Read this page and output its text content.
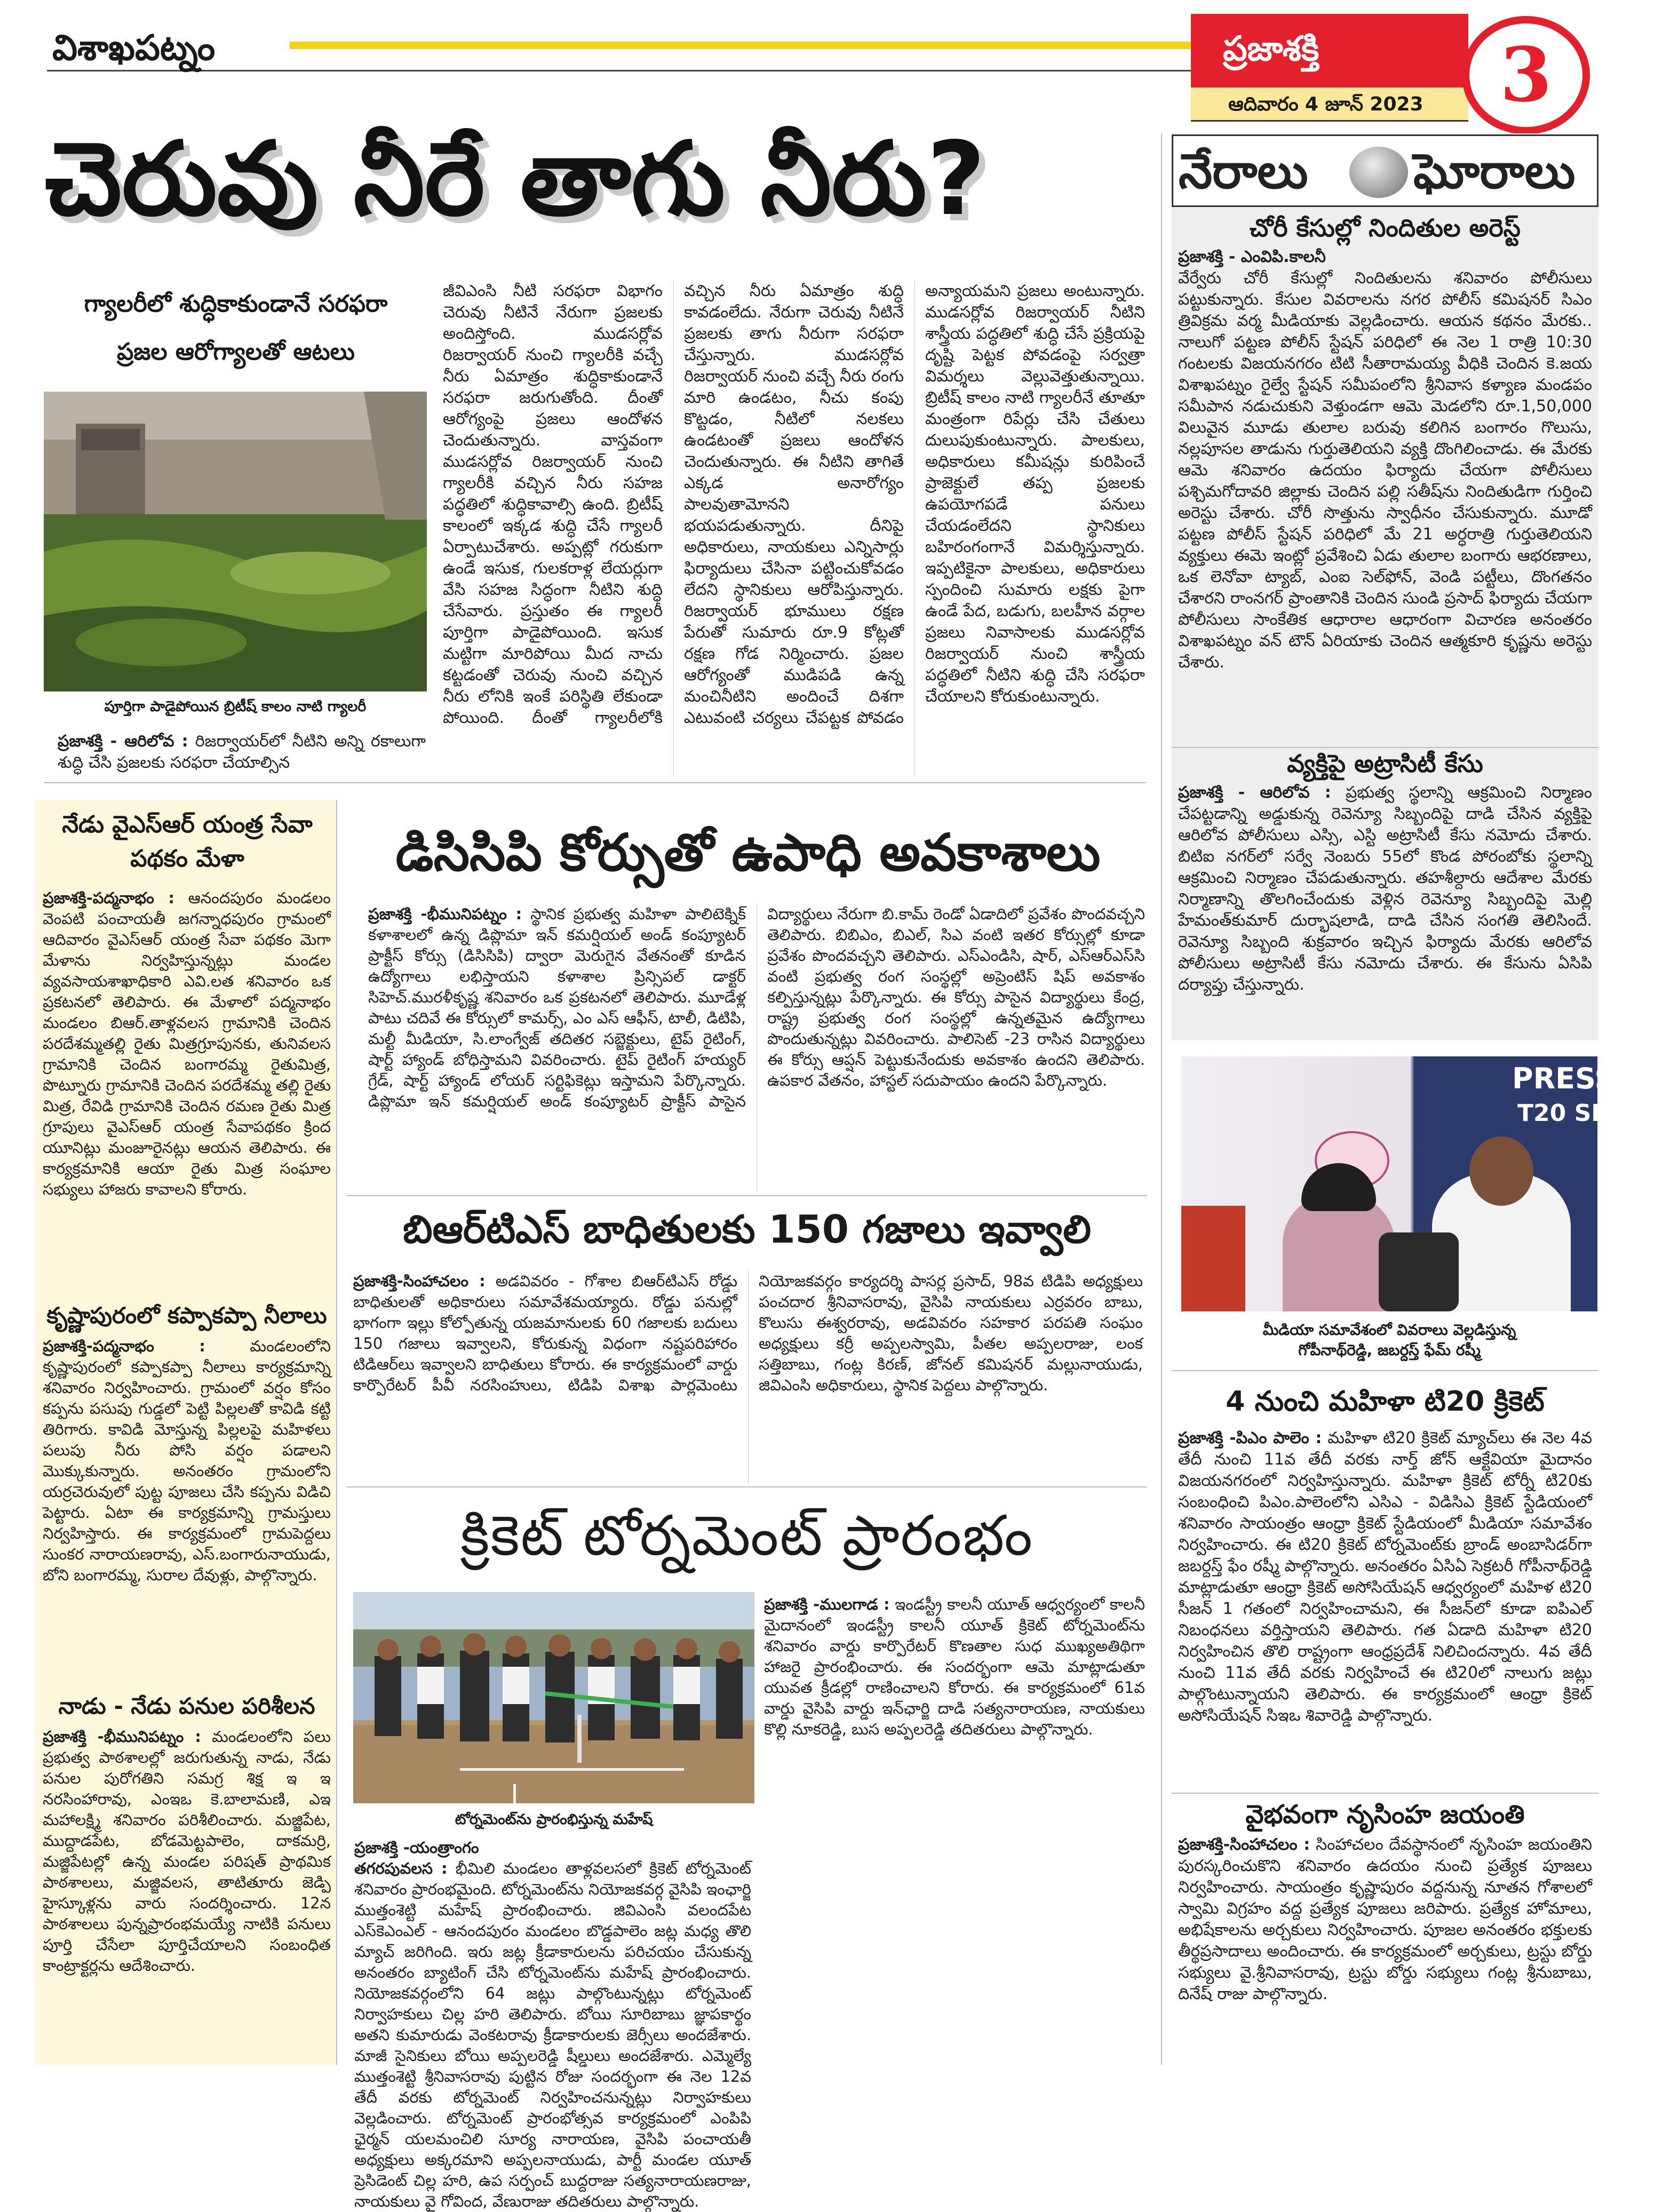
విశాఖపట్నం	ప్రజాశక్తి
ఆదివారం 4 జూన్ 2023	3
చెరువు నీరే తాగు నీరు?
గ్యాలరీలో శుద్ధికాకుండానే సరఫరా
ప్రజల ఆరోగ్యాలతో ఆటలు
పూర్తిగా పాడైపోయిన బ్రిటీష్ కాలం నాటి గ్యాలరీ

ప్రజాశక్తి - ఆరిలోవ : రిజర్వాయర్‌లో నీటిని అన్ని రకాలుగా శుద్ధి చేసి ప్రజలకు సరఫరా చేయాల్సిన

జీవిఎంసి నీటి సరఫరా విభాగం చెరువు నీటినే నేరుగా ప్రజలకు అందిస్తోంది. ముడసర్లోవ రిజర్వాయర్ నుంచి గ్యాలరీకి వచ్చే నీరు ఏమాత్రం శుద్ధికాకుండానే సరఫరా జరుగుతోంది. దీంతో ఆరోగ్యంపై ప్రజలు ఆందోళన చెందుతున్నారు. వాస్తవంగా ముడసర్లోవ రిజర్వాయర్ నుంచి గ్యాలరీకి వచ్చిన నీరు సహజ పద్ధతిలో శుద్ధికావాల్సి ఉంది. బ్రిటీష్ కాలంలో ఇక్కడ శుద్ధి చేసే గ్యాలరీ ఏర్పాటుచేశారు. అప్పట్లో గరుకుగా ఉండే ఇసుక, గులకరాళ్ల లేయర్లుగా వేసి సహజ సిద్ధంగా నీటిని శుద్ధి చేసేవారు. ప్రస్తుతం ఈ గ్యాలరీ పూర్తిగా పాడైపోయింది. ఇసుక మట్టిగా మారిపోయి మీద నాచు కట్టడంతో చెరువు నుంచి వచ్చిన నీరు లోనికి ఇంకే పరిస్థితి లేకుండా పోయింది. దీంతో గ్యాలరీలోకి వచ్చిన నీరు ఏమాత్రం శుద్ధి కావడంలేదు. నేరుగా చెరువు నీటినే ప్రజలకు తాగు నీరుగా సరఫరా చేస్తున్నారు. ముడసర్లోవ రిజర్వాయర్ నుంచి వచ్చే నీరు రంగు మారి ఉండటం, నీచు కంపు కొట్టడం, నీటిలో నలకలు ఉండటంతో ప్రజలు ఆందోళన చెందుతున్నారు. ఈ నీటిని తాగితే ఎక్కడ అనారోగ్యం పాలవుతామోనని భయపడుతున్నారు. దీనిపై అధికారులు, నాయకులు ఎన్నిసార్లు ఫిర్యాదులు చేసినా పట్టించుకోవడం లేదని స్థానికులు ఆరోపిస్తున్నారు. రిజర్వాయర్ భూములు రక్షణ పేరుతో సుమారు రూ.9 కోట్లతో రక్షణ గోడ నిర్మించారు. ప్రజల ఆరోగ్యంతో ముడిపడి ఉన్న మంచినీటిని అందించే దిశగా ఎటువంటి చర్యలు చేపట్టక పోవడం అన్యాయమని ప్రజలు అంటున్నారు. ముడసర్లోవ రిజర్వాయర్ నీటిని శాస్త్రీయ పద్ధతిలో శుద్ధి చేసే ప్రక్రియపై దృష్టి పెట్టక పోవడంపై సర్వత్రా విమర్శలు వెల్లువెత్తుతున్నాయి. బ్రిటీష్ కాలం నాటి గ్యాలరీనే తూతూ మంత్రంగా రిపేర్లు చేసి చేతులు దులుపుకుంటున్నారు. పాలకులు, అధికారులు కమీషన్లు కురిపించే ప్రాజెక్టులే తప్ప ప్రజలకు ఉపయోగపడే పనులు చేయడంలేదని స్థానికులు బహిరంగంగానే విమర్శిస్తున్నారు. ఇప్పటికైనా పాలకులు, అధికారులు స్పందించి సుమారు లక్షకు పైగా ఉండే పేద, బడుగు, బలహీన వర్గాల ప్రజలు నివాసాలకు ముడసర్లోవ రిజర్వాయర్ నుంచి శాస్త్రీయ పద్ధతిలో నీటిని శుద్ధి చేసి సరఫరా చేయాలని కోరుకుంటున్నారు.

నేరాలు ఘోరాలు
చోరీ కేసుల్లో నిందితుల అరెస్ట్

ప్రజాశక్తి - ఎంవిపి.కాలనీ

వేర్వేరు చోరీ కేసుల్లో నిందితులను శనివారం పోలీసులు పట్టుకున్నారు. కేసుల వివరాలను నగర పోలీస్ కమిషనర్ సిఎం త్రివిక్రమ వర్మ మీడియాకు వెల్లడించారు. ఆయన కథనం మేరకు.. నాలుగో పట్టణ పోలీస్ స్టేషన్ పరిధిలో ఈ నెల 1 రాత్రి 10:30 గంటలకు విజయనగరం టిటి సీతారామయ్య వీధికి చెందిన కె.జయ విశాఖపట్నం రైల్వే స్టేషన్ సమీపంలోని శ్రీనివాస కళ్యాణ మండపం సమీపాన నడుచుకుని వెళ్తుండగా ఆమె మెడలోని రూ.1,50,000 విలువైన మూడు తులాల బరువు కలిగిన బంగారం గొలుసు, నల్లపూసల తాడును గుర్తుతెలియని వ్యక్తి దొంగిలించాడు. ఈ మేరకు ఆమె శనివారం ఉదయం ఫిర్యాదు చేయగా పోలీసులు పశ్చిమగోదావరి జిల్లాకు చెందిన పల్లి సతీష్‌ను నిందితుడిగా గుర్తించి అరెస్టు చేశారు. చోరీ సొత్తును స్వాధీనం చేసుకున్నారు. మూడో పట్టణ పోలీస్ స్టేషన్ పరిధిలో మే 21 అర్ధరాత్రి గుర్తుతెలియని వ్యక్తులు ఈమె ఇంట్లో ప్రవేశించి ఏడు తులాల బంగారు ఆభరణాలు, ఒక లెనోవా ట్యాబ్, ఎంఐ సెల్‌ఫోన్, వెండి పట్టీలు, దొంగతనం చేశారని రాంనగర్ ప్రాంతానికి చెందిన సుండి ప్రసాద్ ఫిర్యాదు చేయగా పోలీసులు సాంకేతిక ఆధారాల ఆధారంగా విచారణ అనంతరం విశాఖపట్నం వన్ టౌన్ ఏరియాకు చెందిన ఆత్మకూరి కృష్ణను అరెస్టు చేశారు.

వ్యక్తిపై అట్రాసిటీ కేసు

ప్రజాశక్తి - ఆరిలోవ : ప్రభుత్వ స్థలాన్ని ఆక్రమించి నిర్మాణం చేపట్టడాన్ని అడ్డుకున్న రెవెన్యూ సిబ్బందిపై దాడి చేసిన వ్యక్తిపై ఆరిలోవ పోలీసులు ఎస్సి, ఎస్టి అట్రాసిటీ కేసు నమోదు చేశారు. బిటిఐ నగర్‌లో సర్వే నెంబరు 55లో కొండ పోరంబోకు స్థలాన్ని ఆక్రమించి నిర్మాణం చేపడుతున్నారు. తహశీల్దారు ఆదేశాల మేరకు నిర్మాణాన్ని తొలగించేందుకు వెళ్లిన రెవెన్యూ సిబ్బందిపై మెల్లి హేమంత్‌కుమార్ దుర్భాషలాడి, దాడి చేసిన సంగతి తెలిసిందే. రెవెన్యూ సిబ్బంది శుక్రవారం ఇచ్చిన ఫిర్యాదు మేరకు ఆరిలోవ పోలీసులు అట్రాసిటీ కేసు నమోదు చేశారు. ఈ కేసును ఏసిపి దర్యాప్తు చేస్తున్నారు.

PRESS M
T20 SE
మీడియా సమావేశంలో వివరాలు వెల్లడిస్తున్న
గోపీనాథ్‌రెడ్డి, జబర్దస్త్ ఫేమ్ రష్మీ
4 నుంచి మహిళా టి20 క్రికెట్

ప్రజాశక్తి -పిఎం పాలెం : మహిళా టి20 క్రికెట్ మ్యాచ్‌లు ఈ నెల 4వ తేదీ నుంచి 11వ తేదీ వరకు నార్త్ జోన్ ఆక్టేవియా మైదానం విజయనగరంలో నిర్వహిస్తున్నారు. మహిళా క్రికెట్ టోర్నీ టి20కు సంబంధించి పిఎం.పాలెంలోని ఎసిఎ - విడిసిఎ క్రికెట్ స్టేడియంలో శనివారం సాయంత్రం ఆంధ్రా క్రికెట్ స్టేడియంలో మీడియా సమావేశం నిర్వహించారు. ఈ టి20 క్రికెట్ టోర్నమెంట్‌కు బ్రాండ్ అంబాసిడర్‌గా జబర్దస్త్ ఫేం రష్మీ పాల్గొన్నారు. అనంతరం ఏసిఏ సెక్రటరీ గోపీనాథ్‌రెడ్డి మాట్లాడుతూ ఆంధ్రా క్రికెట్ అసోసియేషన్ ఆధ్వర్యంలో మహిళ టి20 సీజన్ 1 గతంలో నిర్వహించామని, ఈ సీజన్‌లో కూడా ఐపిఎల్ నిబంధనలు వర్తిస్తాయని తెలిపారు. గత ఏడాది మహిళా టి20 నిర్వహించిన తొలి రాష్ట్రంగా ఆంధ్రప్రదేశ్ నిలిచిందన్నారు. 4వ తేదీ నుంచి 11వ తేదీ వరకు నిర్వహించే ఈ టి20లో నాలుగు జట్లు పాల్గొంటున్నాయని తెలిపారు. ఈ కార్యక్రమంలో ఆంధ్రా క్రికెట్ అసోసియేషన్ సిఇఒ శివారెడ్డి పాల్గొన్నారు.

వైభవంగా నృసింహ జయంతి

ప్రజాశక్తి-సింహాచలం : సింహాచలం దేవస్థానంలో నృసింహ జయంతిని పురస్కరించుకొని శనివారం ఉదయం నుంచి ప్రత్యేక పూజలు నిర్వహించారు. సాయంత్రం కృష్ణాపురం వద్దనున్న నూతన గోశాలలో స్వామి విగ్రహం వద్ద ప్రత్యేక పూజలు జరిపారు. ప్రత్యేక హోమాలు, అభిషేకాలను అర్చకులు నిర్వహించారు. పూజల అనంతరం భక్తులకు తీర్థప్రసాదాలు అందించారు. ఈ కార్యక్రమంలో అర్చకులు, ట్రస్టు బోర్డు సభ్యులు వై.శ్రీనివాసరావు, ట్రస్టు బోర్డు సభ్యులు గంట్ల శ్రీనుబాబు, దినేష్ రాజు పాల్గొన్నారు.

నేడు వైఎస్ఆర్ యంత్ర సేవా పథకం మేళా

ప్రజాశక్తి-పద్మనాభం : ఆనందపురం మండలం వెంపటి పంచాయతీ జగన్నాధపురం గ్రామంలో ఆదివారం వైఎస్ఆర్ యంత్ర సేవా పథకం మెగా మేళాను నిర్వహిస్తున్నట్లు మండల వ్యవసాయశాఖాధికారి ఎవి.లత శనివారం ఒక ప్రకటనలో తెలిపారు. ఈ మేళాలో పద్మనాభం మండలం బిఆర్.తాళ్లవలస గ్రామానికి చెందిన పరదేశమ్మతల్లి రైతు మిత్రగ్రూపునకు, తునివలస గ్రామానికి చెందిన బంగారమ్మ రైతుమిత్ర, పొట్నూరు గ్రామానికి చెందిన పరదేశమ్మ తల్లి రైతు మిత్ర, రేవిడి గ్రామానికి చెందిన రమణ రైతు మిత్ర గ్రూపులు వైఎస్ఆర్ యంత్ర సేవాపథకం క్రింద యూనిట్లు మంజూరైనట్లు ఆయన తెలిపారు. ఈ కార్యక్రమానికి ఆయా రైతు మిత్ర సంఘాల సభ్యులు హాజరు కావాలని కోరారు.

కృష్ణాపురంలో కప్పాకప్పా నీలాలు

ప్రజాశక్తి-పద్మనాభం :	మండలంలోని కృష్ణాపురంలో కప్పాకప్పా నీలాలు కార్యక్రమాన్ని శనివారం నిర్వహించారు. గ్రామంలో వర్షం కోసం కప్పను పసుపు గుడ్డలో పెట్టి పిల్లలతో కావిడి కట్టి తిరిగారు. కావిడి మోస్తున్న పిల్లలపై మహిళలు పలుపు నీరు పోసి వర్షం పడాలని మొక్కుకున్నారు. అనంతరం గ్రామంలోని యర్రచెరువులో పుట్ట పూజలు చేసి కప్పను విడిచి పెట్టారు. ఏటా ఈ కార్యక్రమాన్ని గ్రామస్తులు నిర్వహిస్తారు. ఈ కార్యక్రమంలో గ్రామపెద్దలు సుంకర నారాయణరావు, ఎస్.బంగారునాయుడు, బోని బంగారమ్మ, సురాల దేవుళ్లు, పాల్గొన్నారు.

నాడు - నేడు పనుల పరిశీలన

ప్రజాశక్తి -భీమునిపట్నం : మండలంలోని పలు ప్రభుత్వ పాఠశాలల్లో జరుగుతున్న నాడు, నేడు పనుల పురోగతిని సమగ్ర శిక్ష ఇ ఇ నరసింహారావు, ఎంఇఒ కె.బాలామణి, ఎఇ మహాలక్ష్మి శనివారం పరిశీలించారు. మజ్జిపేట, ముద్దాడపేట, బోడమెట్టపాలెం, దాకమర్రి, మజ్జిపేటల్లో ఉన్న మండల పరిషత్ ప్రాథమిక పాఠశాలలు, మజ్జివలస, తాటితూరు జెడ్పి హైస్కూళ్లను వారు సందర్శించారు. 12న పాఠశాలలు పున్నప్రారంభమయ్యే నాటికి పనులు పూర్తి చేసేలా పూర్తిచేయాలని సంబంధిత కాంట్రాక్టర్లను ఆదేశించారు.

డిసిసిపి కోర్సుతో ఉపాధి అవకాశాలు

ప్రజాశక్తి -భీమునిపట్నం : స్థానిక ప్రభుత్వ మహిళా పాలిటెక్నిక్ కళాశాలలో ఉన్న డిప్లొమా ఇన్ కమర్షియల్ అండ్ కంప్యూటర్ ప్రాక్టీస్ కోర్సు (డిసిసిపి) ద్వారా మెరుగైన వేతనంతో కూడిన ఉద్యోగాలు లభిస్తాయని కళాశాల ప్రిన్సిపల్ డాక్టర్ సిహెచ్.మురళీకృష్ణ శనివారం ఒక ప్రకటనలో తెలిపారు. మూడేళ్ల పాటు చదివే ఈ కోర్సులో కామర్స్, ఎం ఎస్ ఆఫీస్, టాలీ, డిటిపి, మల్టీ మీడియా, సి.లాంగ్వేజ్ తదితర సబ్జెక్టులు, టైప్ రైటింగ్, షార్ట్ హ్యాండ్ బోధిస్తామని వివరించారు. టైప్ రైటింగ్ హయ్యర్ గ్రేడ్, షార్ట్ హ్యాండ్ లోయర్ సర్టిఫికెట్లు ఇస్తామని పేర్కొన్నారు. డిప్లొమా ఇన్ కమర్షియల్ అండ్ కంప్యూటర్ ప్రాక్టీస్ పాసైన విద్యార్థులు నేరుగా బి.కామ్ రెండో ఏడాదిలో ప్రవేశం పొందవచ్చని తెలిపారు. బిబిఎం, బిఎల్, సిఎ వంటి ఇతర కోర్సుల్లో కూడా ప్రవేశం పొందవచ్చని తెలిపారు. ఎస్ఎండిసి, షార్, ఎస్ఆర్ఎస్‌సి వంటి ప్రభుత్వ రంగ సంస్థల్లో అప్రెంటిస్ షిప్ అవకాశం కల్పిస్తున్నట్లు పేర్కొన్నారు. ఈ కోర్సు పాసైన విద్యార్థులు కేంద్ర, రాష్ట్ర ప్రభుత్వ రంగ సంస్థల్లో ఉన్నతమైన ఉద్యోగాలు పొందుతున్నట్లు వివరించారు. పాలిసెట్ -23 రాసిన విద్యార్థులు ఈ కోర్సు ఆప్షన్ పెట్టుకునేందుకు అవకాశం ఉందని తెలిపారు. ఉపకార వేతనం, హాస్టల్ సదుపాయం ఉందని పేర్కొన్నారు.

బిఆర్‌టిఎస్ బాధితులకు 150 గజాలు ఇవ్వాలి

ప్రజాశక్తి-సింహాచలం : అడవివరం - గోశాల బిఆర్‌టిఎస్ రోడ్డు బాధితులతో అధికారులు సమావేశమయ్యారు. రోడ్డు పనుల్లో భాగంగా ఇల్లు కోల్పోతున్న యజమానులకు 60 గజాలకు బదులు 150 గజాలు ఇవ్వాలని, కోరుకున్న విధంగా నష్టపరిహారం టిడిఆర్‌లు ఇవ్వాలని బాధితులు కోరారు. ఈ కార్యక్రమంలో వార్డు కార్పొరేటర్ పీవీ నరసింహులు, టిడిపి విశాఖ పార్లమెంటు నియోజకవర్గం కార్యదర్శి పాసర్ల ప్రసాద్, 98వ టిడిపి అధ్యక్షులు పంచదార శ్రీనివాసరావు, వైసిపి నాయకులు ఎర్రవరం బాబు, కొలుసు ఈశ్వరరావు, అడవివరం సహకార పరపతి సంఘం అధ్యక్షులు కర్రీ అప్పలస్వామి, పీతల అప్పలరాజు, లంక సత్తిబాబు, గంట్ల కిరణ్, జోనల్ కమిషనర్ మల్లునాయుడు, జివిఎంసి అధికారులు, స్థానిక పెద్దలు పాల్గొన్నారు.

క్రికెట్ టోర్నమెంట్ ప్రారంభం
టోర్నమెంట్‌ను ప్రారంభిస్తున్న మహేష్

ప్రజాశక్తి -యంత్రాంగం

తగరపువలస : భీమిలి మండలం తాళ్లవలసలో క్రికెట్ టోర్నమెంట్ శనివారం ప్రారంభమైంది. టోర్నమెంట్‌ను నియోజకవర్గ వైసిపి ఇంఛార్జి ముత్తంశెట్టి మహేష్ ప్రారంభించారు. జివిఎంసి వలందపేట ఎస్‌కెఎంఎల్ - ఆనందపురం మండలం బొడ్డపాలెం జట్ల మధ్య తొలి మ్యాచ్ జరిగింది. ఇరు జట్ల క్రీడాకారులను పరిచయం చేసుకున్న అనంతరం బ్యాటింగ్ చేసి టోర్నమెంట్‌ను మహేష్ ప్రారంభించారు. నియోజకవర్గంలోని 64 జట్లు పాల్గొంటున్నట్లు టోర్నమెంట్ నిర్వాహకులు చిల్ల హరి తెలిపారు. బోయి సూరిబాబు జ్ఞాపకార్థం అతని కుమారుడు వెంకటరావు క్రీడాకారులకు జెర్సీలు అందజేశారు. మాజీ సైనికులు బోయి అప్పలరెడ్డి షీల్డులు అందజేశారు. ఎమ్మెల్యే ముత్తంశెట్టి శ్రీనివాసరావు పుట్టిన రోజు సందర్భంగా ఈ నెల 12వ తేదీ వరకు టోర్నమెంట్ నిర్వహించనున్నట్లు నిర్వాహకులు వెల్లడించారు. టోర్నమెంట్ ప్రారంభోత్సవ కార్యక్రమంలో ఎంపిపి ఛైర్మన్ యలమంచిలి సూర్య నారాయణ, వైసిపి పంచాయతీ అధ్యక్షులు అక్కరమాని అప్పలనాయుడు, పార్టీ మండల యూత్ ప్రెసిడెంట్ చిల్ల హరి, ఉప సర్పంచ్ బుద్దరాజు సత్యనారాయణరాజు, నాయకులు వై గోవింద, వేణురాజు తదితరులు పాల్గొన్నారు.

ప్రజాశక్తి -ములగాడ : ఇండస్ట్రీ కాలనీ యూత్ ఆధ్వర్యంలో కాలనీ మైదానంలో ఇండస్ట్రీ కాలనీ యూత్ క్రికెట్ టోర్నమెంట్‌ను శనివారం వార్డు కార్పొరేటర్ కొణతాల సుధ ముఖ్యఅతిథిగా హాజరై ప్రారంభించారు. ఈ సందర్భంగా ఆమె మాట్లాడుతూ యువత క్రీడల్లో రాణించాలని కోరారు. ఈ కార్యక్రమంలో 61వ వార్డు వైసిపి వార్డు ఇన్‌ఛార్జి దాడి సత్యనారాయణ, నాయకులు కొల్లి నూకరెడ్డి, బుస అప్పలరెడ్డి తదితరులు పాల్గొన్నారు.
